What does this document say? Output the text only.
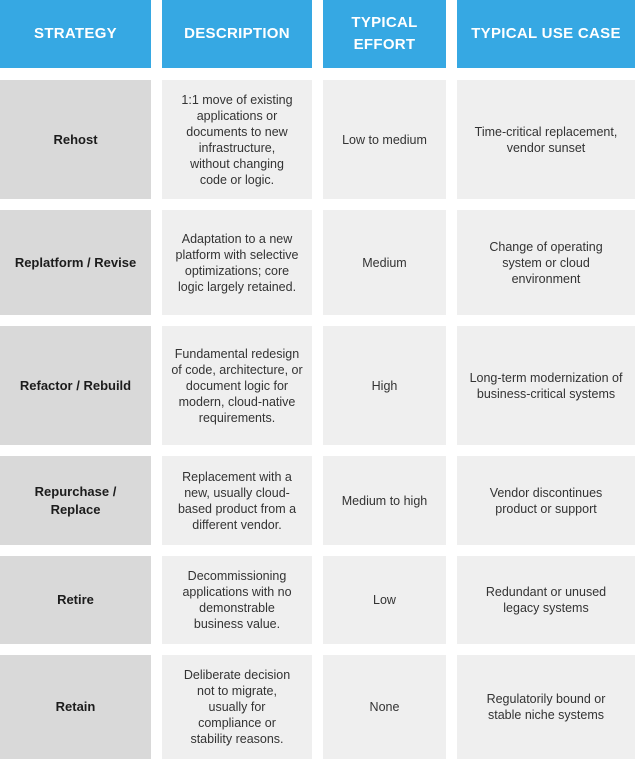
STRATEGY	DESCRIPTION
TYPICAL
EFFORT
TYPICAL USE CASE
Rehost
1:1 move of existing applications or documents to new infrastructure, without changing code or logic.
Low to medium
Time-critical replacement, vendor sunset
Replatform / Revise
Adaptation to a new platform with selective optimizations; core logic largely retained.
Medium
Change of operating system or cloud environment
Refactor / Rebuild
Fundamental redesign of code, architecture, or document logic for modern, cloud-native requirements.
High
Long-term modernization of business-critical systems
Repurchase / Replace
Replacement with a new, usually cloud-based product from a different vendor.
Medium to high
Vendor discontinues product or support
Retire
Decommissioning applications with no demonstrable business value.
Low
Redundant or unused legacy systems
Retain
Deliberate decision not to migrate, usually for compliance or stability reasons.
None
Regulatorily bound or stable niche systems
